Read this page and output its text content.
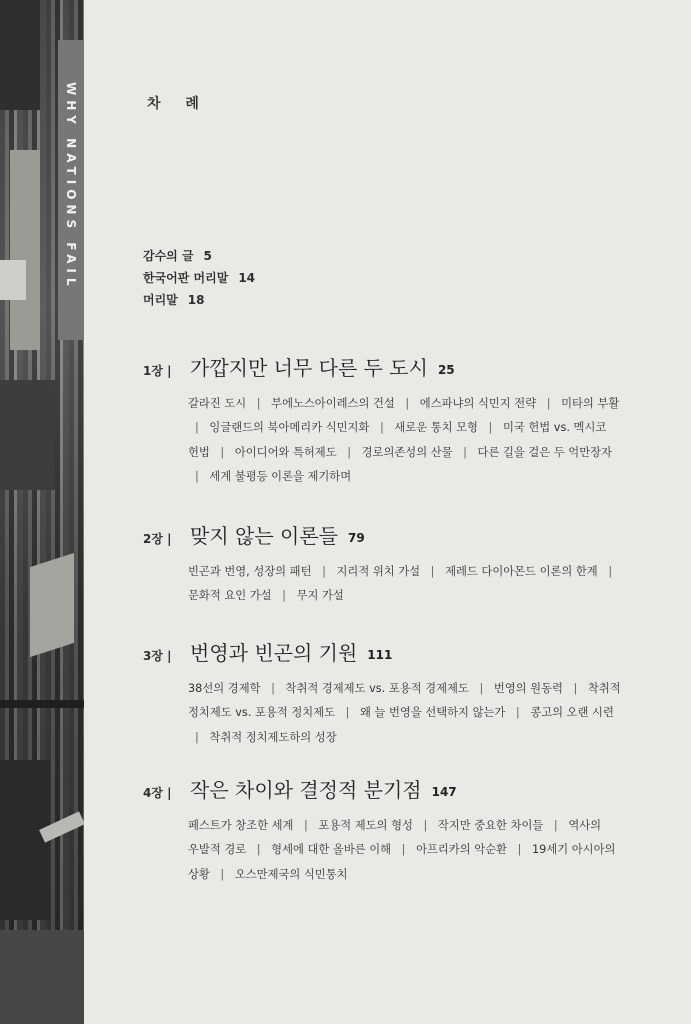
WHY NATIONS FAIL	차 례
감수의 글 5
한국어판 머리말 14
머리말 18
1장 | 가깝지만 너무 다른 두 도시 25
갈라진 도시 | 부에노스아이레스의 건설 | 에스파냐의 식민지 전략 | 미타의 부활 | 잉글랜드의 북아메리카 식민지화 | 새로운 통치 모형 | 미국 헌법 vs. 멕시코 헌법 | 아이디어와 특허제도 | 경로의존성의 산물 | 다른 길을 걸은 두 억만장자 | 세계 불평등 이론을 제기하며
2장 | 맞지 않는 이론들 79
빈곤과 번영, 성장의 패턴 | 지리적 위치 가설 | 제레드 다이아몬드 이론의 한계 | 문화적 요인 가설 | 무지 가설
3장 | 번영과 빈곤의 기원 111
38선의 경제학 | 착취적 경제제도 vs. 포용적 경제제도 | 번영의 원동력 | 착취적 정치제도 vs. 포용적 정치제도 | 왜 늘 번영을 선택하지 않는가 | 콩고의 오랜 시련 | 착취적 정치제도하의 성장
4장 | 작은 차이와 결정적 분기점 147
페스트가 창조한 세계 | 포용적 제도의 형성 | 작지만 중요한 차이들 | 역사의 우발적 경로 | 형세에 대한 올바른 이해 | 아프리카의 악순환 | 19세기 아시아의 상황 | 오스만제국의 식민통치
